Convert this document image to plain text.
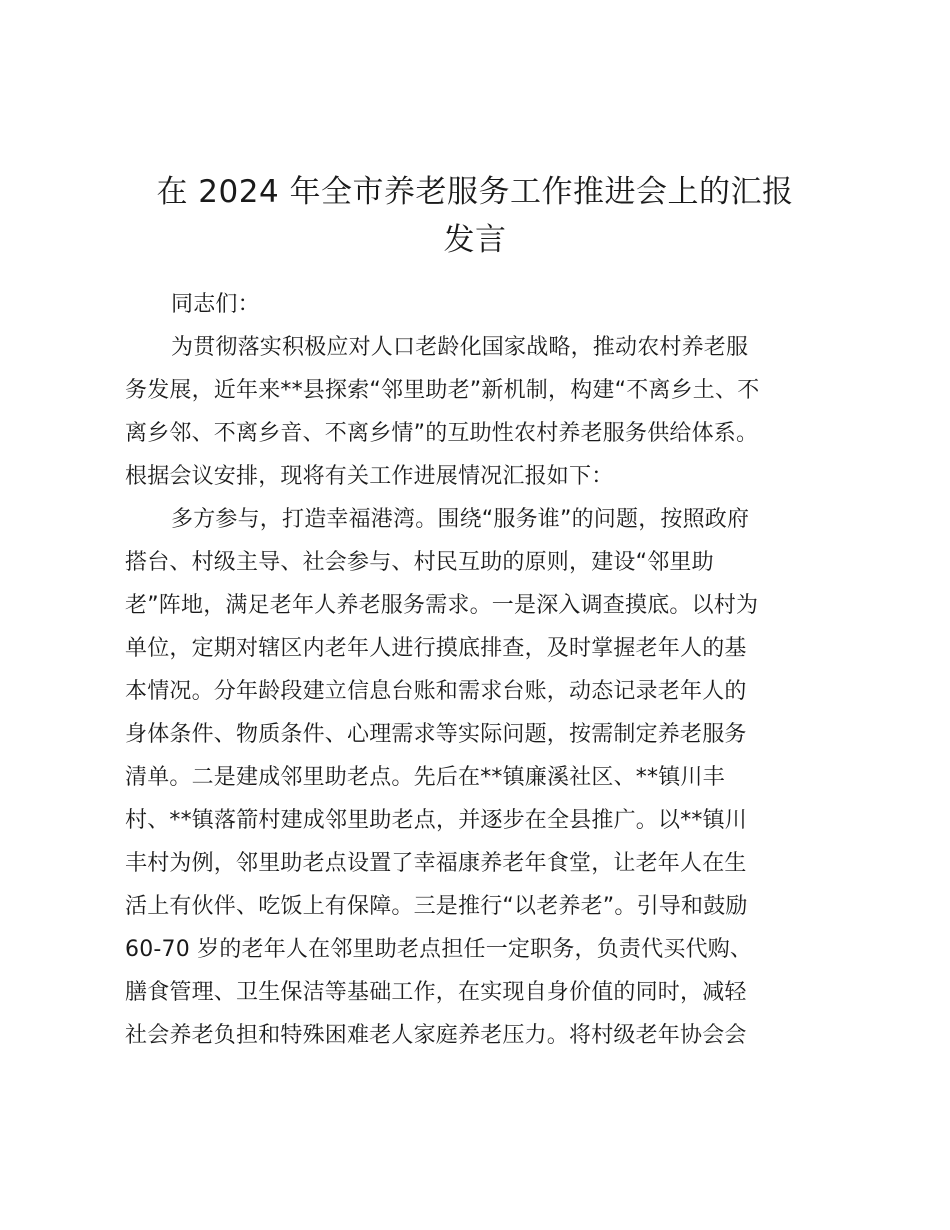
在 2024 年全市养老服务工作推进会上的汇报
发言
同志们：
为贯彻落实积极应对人口老龄化国家战略，推动农村养老服
务发展，近年来**县探索“邻里助老”新机制，构建“不离乡土、不
离乡邻、不离乡音、不离乡情”的互助性农村养老服务供给体系。
根据会议安排，现将有关工作进展情况汇报如下：
多方参与，打造幸福港湾。围绕“服务谁”的问题，按照政府
搭台、村级主导、社会参与、村民互助的原则，建设“邻里助
老”阵地，满足老年人养老服务需求。一是深入调查摸底。以村为
单位，定期对辖区内老年人进行摸底排查，及时掌握老年人的基
本情况。分年龄段建立信息台账和需求台账，动态记录老年人的
身体条件、物质条件、心理需求等实际问题，按需制定养老服务
清单。二是建成邻里助老点。先后在**镇廉溪社区、**镇川丰
村、**镇落箭村建成邻里助老点，并逐步在全县推广。以**镇川
丰村为例，邻里助老点设置了幸福康养老年食堂，让老年人在生
活上有伙伴、吃饭上有保障。三是推行“以老养老”。引导和鼓励
60-70 岁的老年人在邻里助老点担任一定职务，负责代买代购、
膳食管理、卫生保洁等基础工作，在实现自身价值的同时，减轻
社会养老负担和特殊困难老人家庭养老压力。将村级老年协会会
